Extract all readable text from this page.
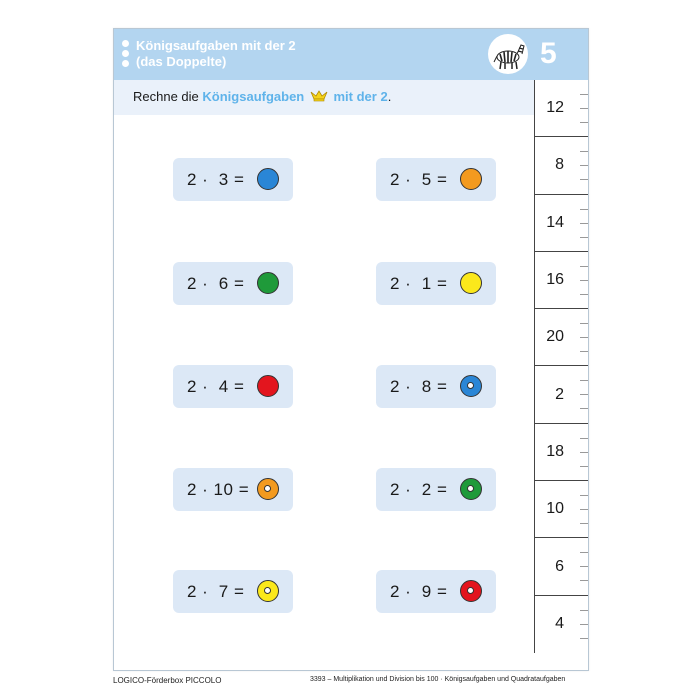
Königsaufgaben mit der 2
(das Doppelte)	5
Rechne die Königsaufgaben mit der 2.
12
8
14
16
20
2
18
10
6
4
2 ·  3 =	2 ·  5 =
2 ·  6 =	2 ·  1 =
2 ·  4 =	2 ·  8 =
2 · 10 =	2 ·  2 =
2 ·  7 =	2 ·  9 =
LOGICO-Förderbox PICCOLO	3393 – Multiplikation und Division bis 100 · Königsaufgaben und Quadrataufgaben
